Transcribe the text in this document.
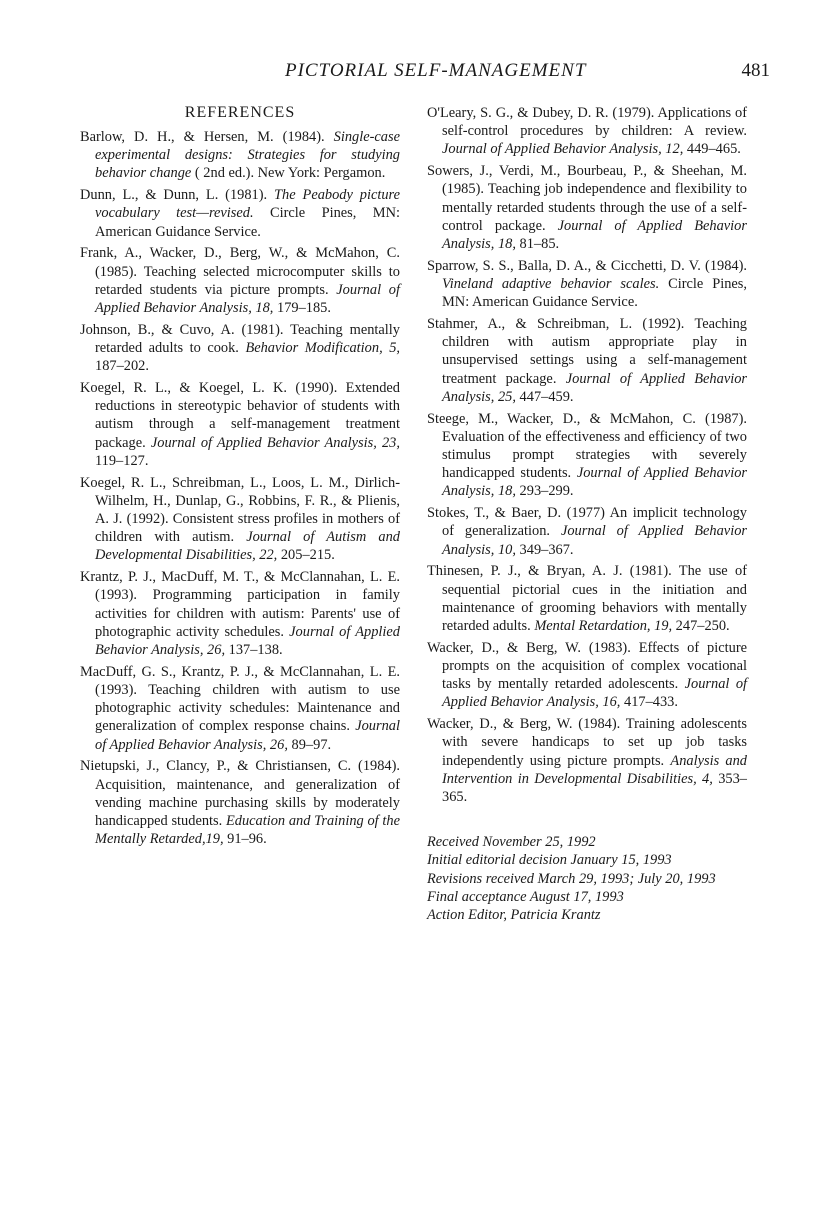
PICTORIAL SELF-MANAGEMENT	481
REFERENCES
Barlow, D. H., & Hersen, M. (1984). Single-case experimental designs: Strategies for studying behavior change ( 2nd ed.). New York: Pergamon.
Dunn, L., & Dunn, L. (1981). The Peabody picture vocabulary test—revised. Circle Pines, MN: American Guidance Service.
Frank, A., Wacker, D., Berg, W., & McMahon, C. (1985). Teaching selected microcomputer skills to retarded students via picture prompts. Journal of Applied Behavior Analysis, 18, 179–185.
Johnson, B., & Cuvo, A. (1981). Teaching mentally retarded adults to cook. Behavior Modification, 5, 187–202.
Koegel, R. L., & Koegel, L. K. (1990). Extended reductions in stereotypic behavior of students with autism through a self-management treatment package. Journal of Applied Behavior Analysis, 23, 119–127.
Koegel, R. L., Schreibman, L., Loos, L. M., Dirlich-Wilhelm, H., Dunlap, G., Robbins, F. R., & Plienis, A. J. (1992). Consistent stress profiles in mothers of children with autism. Journal of Autism and Developmental Disabilities, 22, 205–215.
Krantz, P. J., MacDuff, M. T., & McClannahan, L. E. (1993). Programming participation in family activities for children with autism: Parents' use of photographic activity schedules. Journal of Applied Behavior Analysis, 26, 137–138.
MacDuff, G. S., Krantz, P. J., & McClannahan, L. E. (1993). Teaching children with autism to use photographic activity schedules: Maintenance and generalization of complex response chains. Journal of Applied Behavior Analysis, 26, 89–97.
Nietupski, J., Clancy, P., & Christiansen, C. (1984). Acquisition, maintenance, and generalization of vending machine purchasing skills by moderately handicapped students. Education and Training of the Mentally Retarded,19, 91–96.
O'Leary, S. G., & Dubey, D. R. (1979). Applications of self-control procedures by children: A review. Journal of Applied Behavior Analysis, 12, 449–465.
Sowers, J., Verdi, M., Bourbeau, P., & Sheehan, M. (1985). Teaching job independence and flexibility to mentally retarded students through the use of a self-control package. Journal of Applied Behavior Analysis, 18, 81–85.
Sparrow, S. S., Balla, D. A., & Cicchetti, D. V. (1984). Vineland adaptive behavior scales. Circle Pines, MN: American Guidance Service.
Stahmer, A., & Schreibman, L. (1992). Teaching children with autism appropriate play in unsupervised settings using a self-management treatment package. Journal of Applied Behavior Analysis, 25, 447–459.
Steege, M., Wacker, D., & McMahon, C. (1987). Evaluation of the effectiveness and efficiency of two stimulus prompt strategies with severely handicapped students. Journal of Applied Behavior Analysis, 18, 293–299.
Stokes, T., & Baer, D. (1977) An implicit technology of generalization. Journal of Applied Behavior Analysis, 10, 349–367.
Thinesen, P. J., & Bryan, A. J. (1981). The use of sequential pictorial cues in the initiation and maintenance of grooming behaviors with mentally retarded adults. Mental Retardation, 19, 247–250.
Wacker, D., & Berg, W. (1983). Effects of picture prompts on the acquisition of complex vocational tasks by mentally retarded adolescents. Journal of Applied Behavior Analysis, 16, 417–433.
Wacker, D., & Berg, W. (1984). Training adolescents with severe handicaps to set up job tasks independently using picture prompts. Analysis and Intervention in Developmental Disabilities, 4, 353–365.
Received November 25, 1992
Initial editorial decision January 15, 1993
Revisions received March 29, 1993; July 20, 1993
Final acceptance August 17, 1993
Action Editor, Patricia Krantz
